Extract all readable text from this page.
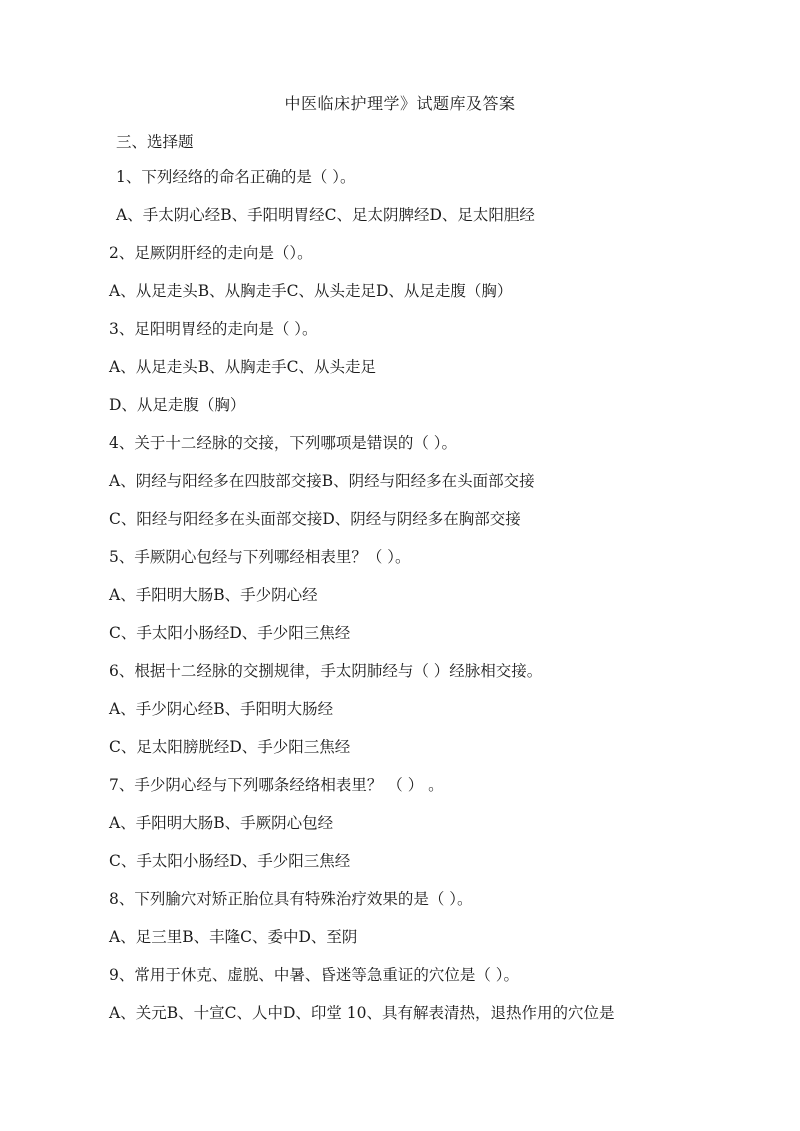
中医临床护理学》试题库及答案
三、选择题
1、下列经络的命名正确的是（ ）。
A、手太阴心经B、手阳明胃经C、足太阴脾经D、足太阳胆经
2、足厥阴肝经的走向是（）。
A、从足走头B、从胸走手C、从头走足D、从足走腹（胸）
3、足阳明胃经的走向是（ ）。
A、从足走头B、从胸走手C、从头走足
D、从足走腹（胸）
4、关于十二经脉的交接，下列哪项是错误的（ ）。
A、阴经与阳经多在四肢部交接B、阴经与阳经多在头面部交接
C、阳经与阳经多在头面部交接D、阴经与阴经多在胸部交接
5、手厥阴心包经与下列哪经相表里？（ ）。
A、手阳明大肠B、手少阴心经
C、手太阳小肠经D、手少阳三焦经
6、根据十二经脉的交捌规律，手太阴肺经与（ ）经脉相交接。
A、手少阴心经B、手阳明大肠经
C、足太阳膀胱经D、手少阳三焦经
7、手少阴心经与下列哪条经络相表里？ （ ） 。
A、手阳明大肠B、手厥阴心包经
C、手太阳小肠经D、手少阳三焦经
8、下列腧穴对矫正胎位具有特殊治疗效果的是（ ）。
A、足三里B、丰隆C、委中D、至阴
9、常用于休克、虚脱、中暑、昏迷等急重证的穴位是（ ）。
A、关元B、十宣C、人中D、印堂 10、具有解表清热，退热作用的穴位是
